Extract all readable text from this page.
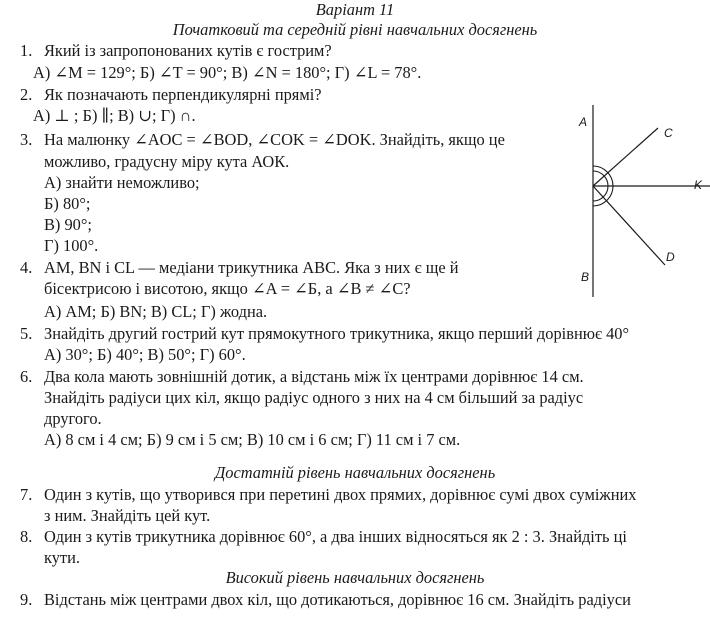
Варіант 11
Початковий та середній рівні навчальних досягнень
1. Який із запропонованих кутів є гострим?
А) ∠M = 129°; Б) ∠T = 90°; В) ∠N = 180°; Г) ∠L = 78°.
2. Як позначають перпендикулярні прямі?
А) ⊥ ; Б) ∥; В) ∪; Г) ∩.
3. На малюнку ∠AOC = ∠BOD, ∠COK = ∠DOK. Знайдіть, якщо це
можливо, градусну міру кута АОК.
А) знайти неможливо;
Б) 80°;
В) 90°;
Г) 100°.
4. AM, BN і CL — медіани трикутника ABC. Яка з них є ще й
бісектрисою і висотою, якщо ∠A = ∠Б, а ∠B ≠ ∠C?
А) AM; Б) BN; В) CL; Г) жодна.
5. Знайдіть другий гострий кут прямокутного трикутника, якщо перший дорівнює 40°
А) 30°; Б) 40°; В) 50°; Г) 60°.
6. Два кола мають зовнішній дотик, а відстань між їх центрами дорівнює 14 см.
Знайдіть радіуси цих кіл, якщо радіус одного з них на 4 см більший за радіус
другого.
А) 8 см і 4 см; Б) 9 см і 5 см; В) 10 см і 6 см; Г) 11 см і 7 см.
Достатній рівень навчальних досягнень
7. Один з кутів, що утворився при перетині двох прямих, дорівнює сумі двох суміжних
з ним. Знайдіть цей кут.
8. Один з кутів трикутника дорівнює 60°, а два інших відносяться як 2 : 3. Знайдіть ці
кути.
Високий рівень навчальних досягнень
9. Відстань між центрами двох кіл, що дотикаються, дорівнює 16 см. Знайдіть радіуси
A
C
K
D
B
